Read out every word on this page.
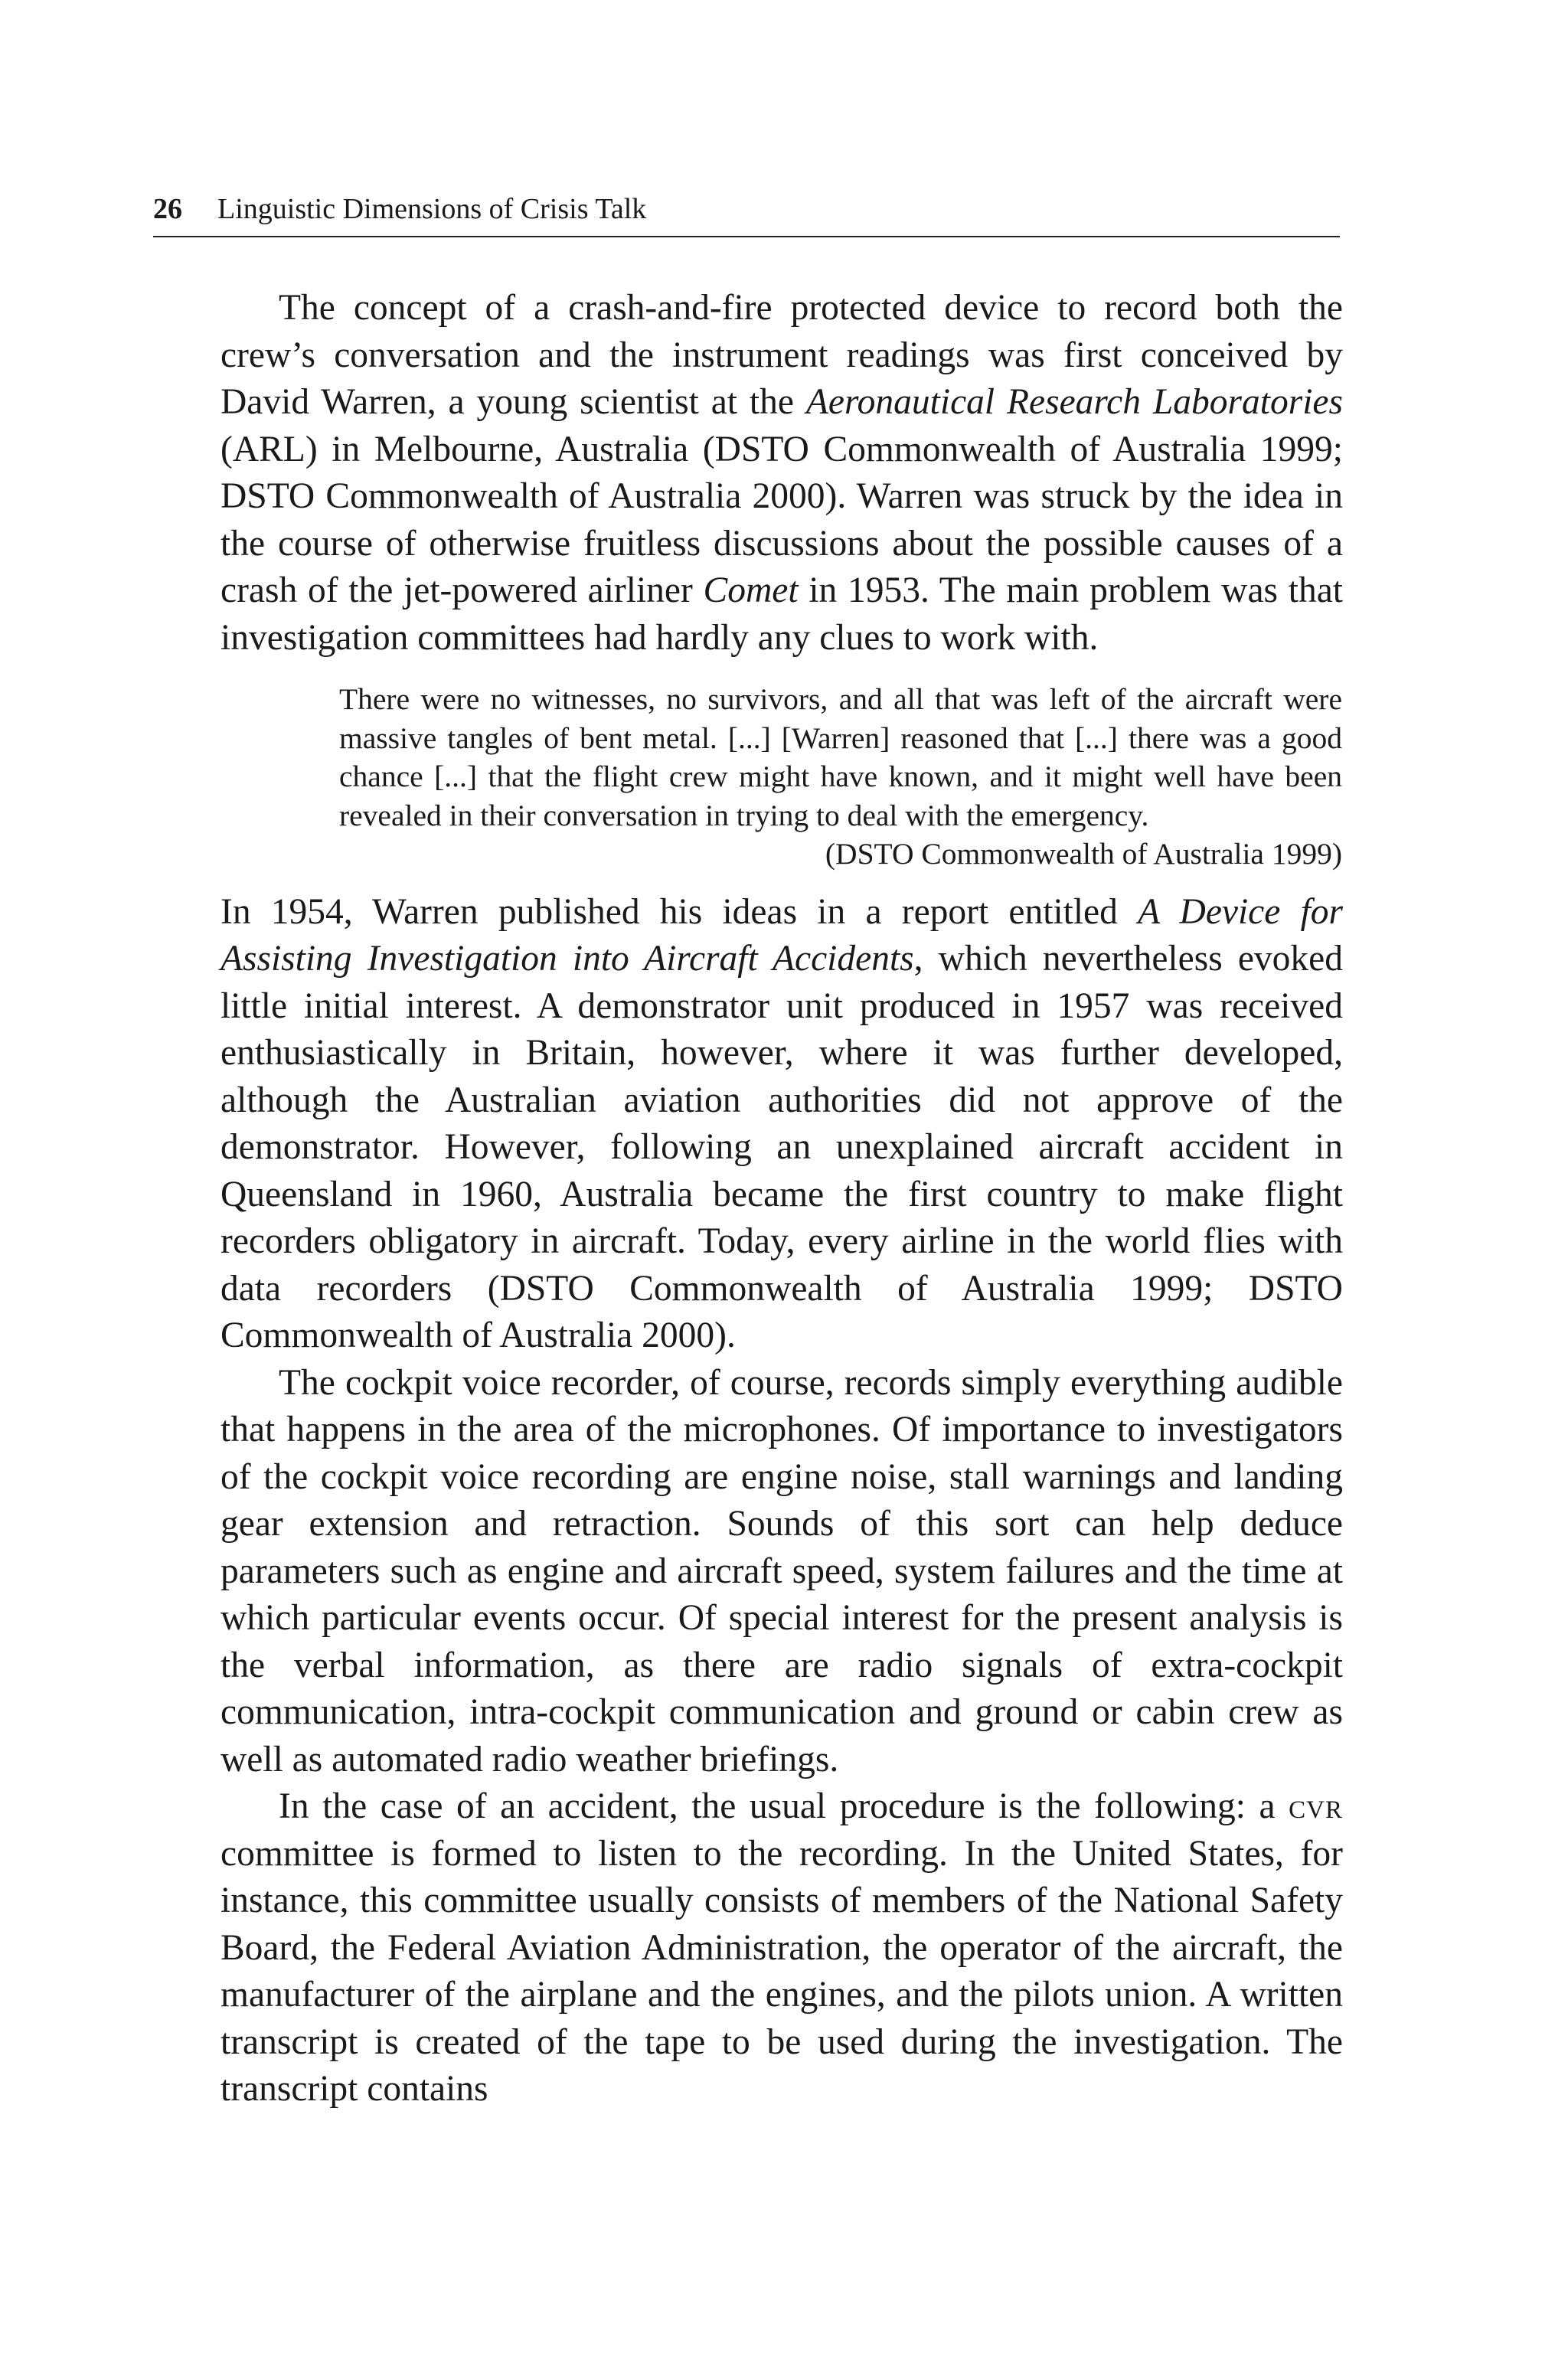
26 Linguistic Dimensions of Crisis Talk

The concept of a crash-and-fire protected device to record both the crew’s conversation and the instrument readings was first conceived by David Warren, a young scientist at the Aeronautical Research Laboratories (ARL) in Melbourne, Australia (DSTO Commonwealth of Australia 1999; DSTO Commonwealth of Australia 2000). Warren was struck by the idea in the course of otherwise fruitless discussions about the possible causes of a crash of the jet-powered airliner Comet in 1953. The main problem was that investigation committees had hardly any clues to work with.

There were no witnesses, no survivors, and all that was left of the aircraft were massive tangles of bent metal. [...] [Warren] reasoned that [...] there was a good chance [...] that the flight crew might have known, and it might well have been revealed in their conversation in trying to deal with the emergency.

(DSTO Commonwealth of Australia 1999)

In 1954, Warren published his ideas in a report entitled A Device for Assisting Investigation into Aircraft Accidents, which nevertheless evoked little initial interest. A demonstrator unit produced in 1957 was received enthusiastically in Britain, however, where it was further developed, although the Australian aviation authorities did not approve of the demonstrator. However, following an unexplained aircraft accident in Queensland in 1960, Australia became the first country to make flight recorders obligatory in aircraft. Today, every airline in the world flies with data recorders (DSTO Commonwealth of Australia 1999; DSTO Commonwealth of Australia 2000).

The cockpit voice recorder, of course, records simply everything audible that happens in the area of the microphones. Of importance to investigators of the cockpit voice recording are engine noise, stall warnings and landing gear extension and retraction. Sounds of this sort can help deduce parameters such as engine and aircraft speed, system failures and the time at which particular events occur. Of special interest for the present analysis is the verbal information, as there are radio signals of extra-cockpit communication, intra-cockpit communication and ground or cabin crew as well as automated radio weather briefings.

In the case of an accident, the usual procedure is the following: a cvr committee is formed to listen to the recording. In the United States, for instance, this committee usually consists of members of the National Safety Board, the Federal Aviation Administration, the operator of the aircraft, the manufacturer of the airplane and the engines, and the pilots union. A written transcript is created of the tape to be used during the investigation. The transcript contains
